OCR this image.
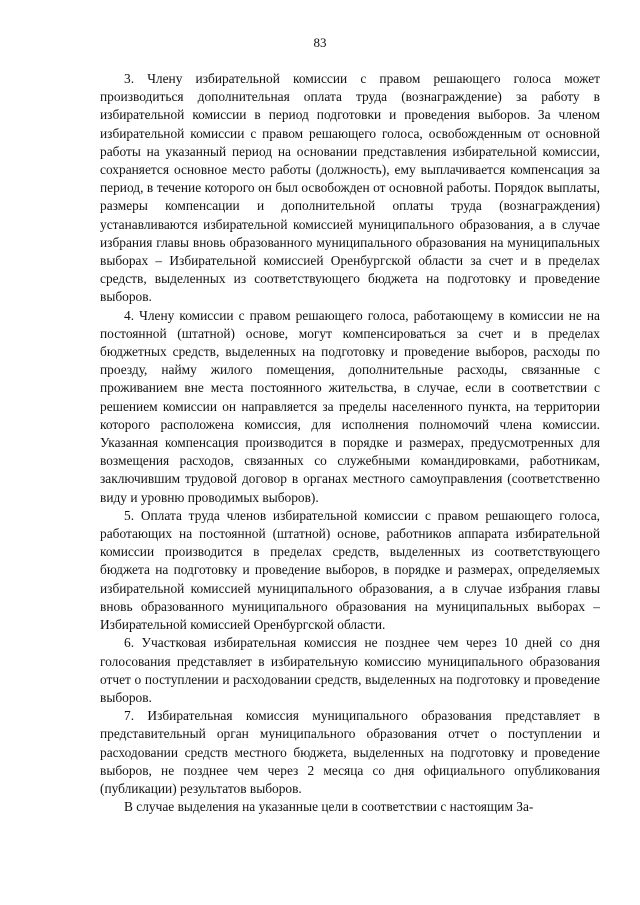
83

3. Члену избирательной комиссии с правом решающего голоса может производиться дополнительная оплата труда (вознаграждение) за работу в избирательной комиссии в период подготовки и проведения выборов. За членом избирательной комиссии с правом решающего голоса, освобожденным от основной работы на указанный период на основании представления избирательной комиссии, сохраняется основное место работы (должность), ему выплачивается компенсация за период, в течение которого он был освобожден от основной работы. Порядок выплаты, размеры компенсации и дополнительной оплаты труда (вознаграждения) устанавливаются избирательной комиссией муниципального образования, а в случае избрания главы вновь образованного муниципального образования на муниципальных выборах – Избирательной комиссией Оренбургской области за счет и в пределах средств, выделенных из соответствующего бюджета на подготовку и проведение выборов.

4. Члену комиссии с правом решающего голоса, работающему в комиссии не на постоянной (штатной) основе, могут компенсироваться за счет и в пределах бюджетных средств, выделенных на подготовку и проведение выборов, расходы по проезду, найму жилого помещения, дополнительные расходы, связанные с проживанием вне места постоянного жительства, в случае, если в соответствии с решением комиссии он направляется за пределы населенного пункта, на территории которого расположена комиссия, для исполнения полномочий члена комиссии. Указанная компенсация производится в порядке и размерах, предусмотренных для возмещения расходов, связанных со служебными командировками, работникам, заключившим трудовой договор в органах местного самоуправления (соответственно виду и уровню проводимых выборов).

5. Оплата труда членов избирательной комиссии с правом решающего голоса, работающих на постоянной (штатной) основе, работников аппарата избирательной комиссии производится в пределах средств, выделенных из соответствующего бюджета на подготовку и проведение выборов, в порядке и размерах, определяемых избирательной комиссией муниципального образования, а в случае избрания главы вновь образованного муниципального образования на муниципальных выборах – Избирательной комиссией Оренбургской области.

6. Участковая избирательная комиссия не позднее чем через 10 дней со дня голосования представляет в избирательную комиссию муниципального образования отчет о поступлении и расходовании средств, выделенных на подготовку и проведение выборов.

7. Избирательная комиссия муниципального образования представляет в представительный орган муниципального образования отчет о поступлении и расходовании средств местного бюджета, выделенных на подготовку и проведение выборов, не позднее чем через 2 месяца со дня официального опубликования (публикации) результатов выборов.

В случае выделения на указанные цели в соответствии с настоящим За-
